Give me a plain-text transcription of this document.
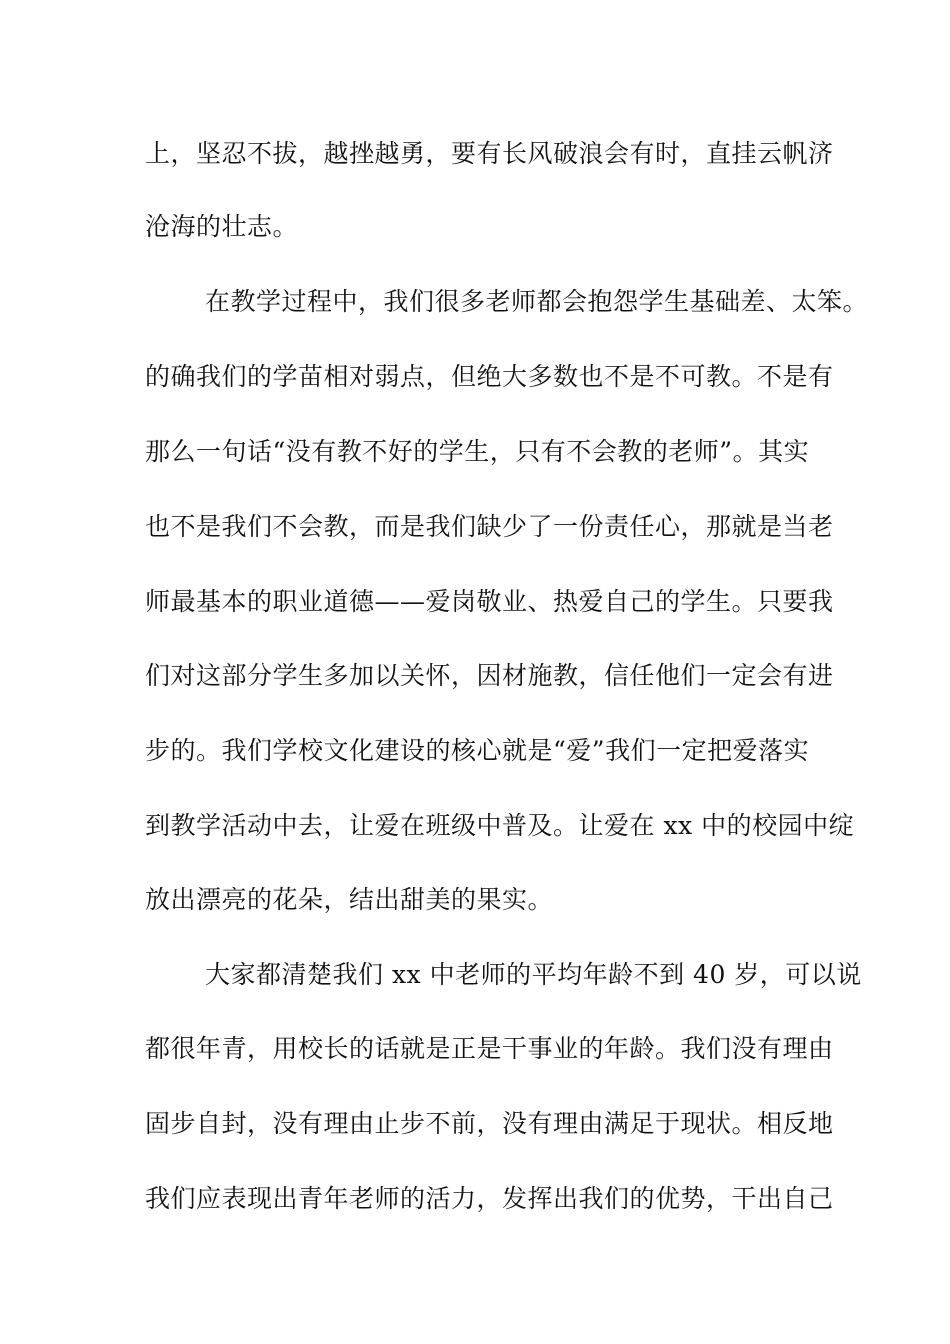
上，坚忍不拔，越挫越勇，要有长风破浪会有时，直挂云帆济
沧海的壮志。
在教学过程中，我们很多老师都会抱怨学生基础差、太笨。
的确我们的学苗相对弱点，但绝大多数也不是不可教。不是有
那么一句话“没有教不好的学生，只有不会教的老师”。其实
也不是我们不会教，而是我们缺少了一份责任心，那就是当老
师最基本的职业道德——爱岗敬业、热爱自己的学生。只要我
们对这部分学生多加以关怀，因材施教，信任他们一定会有进
步的。我们学校文化建设的核心就是“爱”我们一定把爱落实
到教学活动中去，让爱在班级中普及。让爱在 xx 中的校园中绽
放出漂亮的花朵，结出甜美的果实。
大家都清楚我们 xx 中老师的平均年龄不到 40 岁，可以说
都很年青，用校长的话就是正是干事业的年龄。我们没有理由
固步自封，没有理由止步不前，没有理由满足于现状。相反地
我们应表现出青年老师的活力，发挥出我们的优势，干出自己
